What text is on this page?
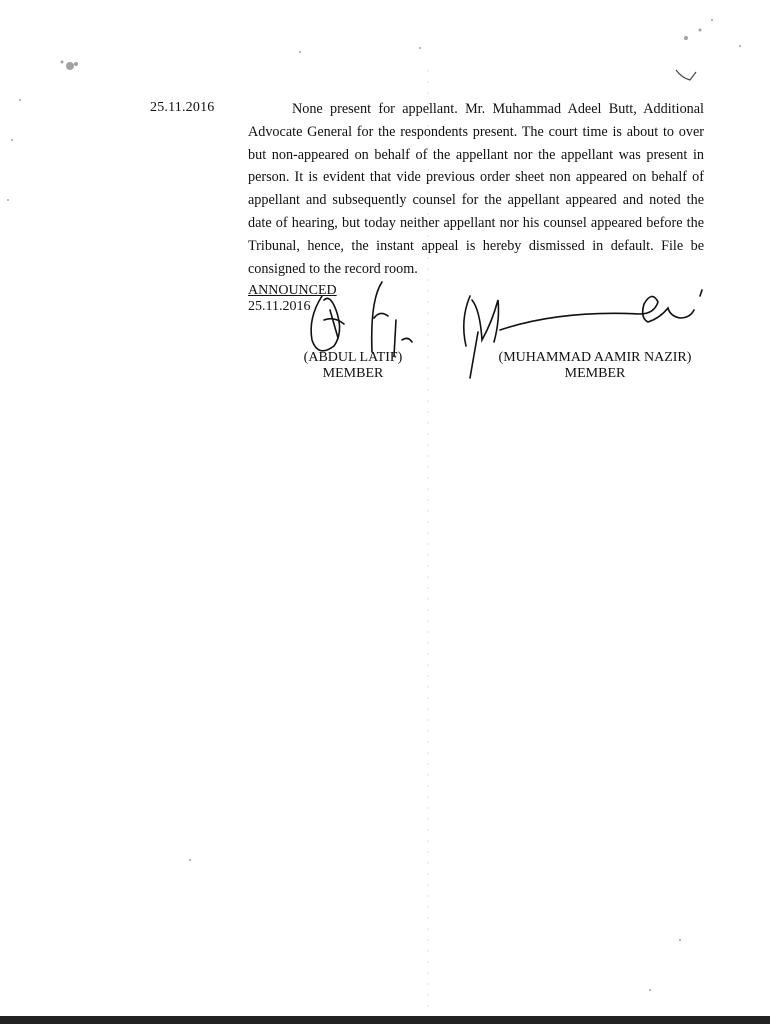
25.11.2016	None present for appellant. Mr. Muhammad Adeel Butt, Additional Advocate General for the respondents present. The court time is about to over but non-appeared on behalf of the appellant nor the appellant was present in person. It is evident that vide previous order sheet non appeared on behalf of appellant and subsequently counsel for the appellant appeared and noted the date of hearing, but today neither appellant nor his counsel appeared before the Tribunal, hence, the instant appeal is hereby dismissed in default. File be consigned to the record room.
ANNOUNCED
25.11.2016
(ABDUL LATIF)
MEMBER
(MUHAMMAD AAMIR NAZIR)
MEMBER
